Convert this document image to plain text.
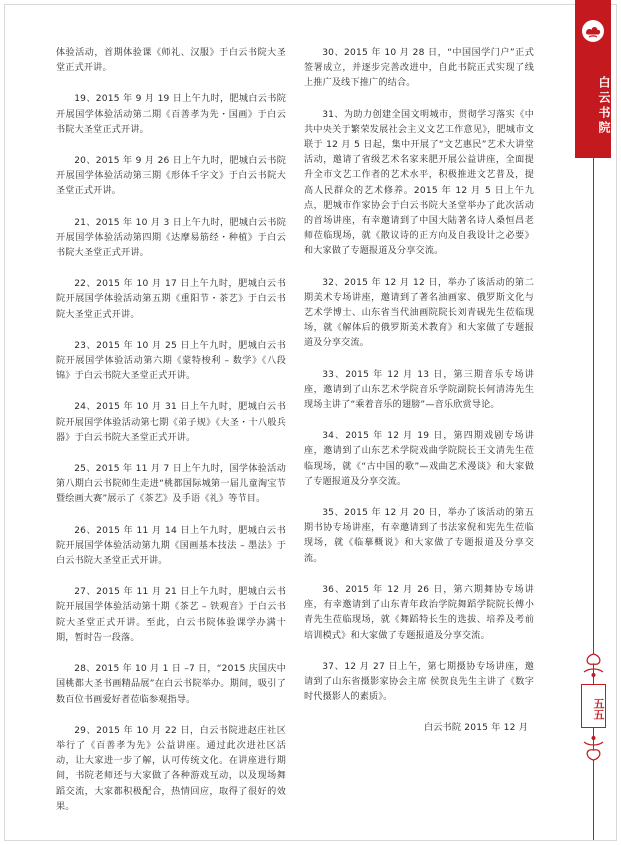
体验活动，首期体验课《师礼、汉服》于白云书院大圣堂正式开讲。

19、2015 年 9 月 19 日上午九时，肥城白云书院开展国学体验活动第二期《百善孝为先・国画》于白云书院大圣堂正式开讲。

20、2015 年 9 月 26 日上午九时，肥城白云书院开展国学体验活动第三期《形体千字文》于白云书院大圣堂正式开讲。

21、2015 年 10 月 3 日上午九时，肥城白云书院开展国学体验活动第四期《达摩易筋经・种植》于白云书院大圣堂正式开讲。

22、2015 年 10 月 17 日上午九时，肥城白云书院开展国学体验活动第五期《重阳节・茶艺》于白云书院大圣堂正式开讲。

23、2015 年 10 月 25 日上午九时，肥城白云书院开展国学体验活动第六期《蒙特梭利 – 数学》《八段锦》于白云书院大圣堂正式开讲。

24、2015 年 10 月 31 日上午九时，肥城白云书院开展国学体验活动第七期《弟子规》《大圣・十八般兵器》于白云书院大圣堂正式开讲。

25、2015 年 11 月 7 日上午九时，国学体验活动第八期白云书院师生走进“桃都国际城第一届儿童淘宝节暨绘画大赛”展示了《茶艺》及手语《礼》等节目。

26、2015 年 11 月 14 日上午九时，肥城白云书院开展国学体验活动第九期《国画基本技法 – 墨法》于白云书院大圣堂正式开讲。

27、2015 年 11 月 21 日上午九时，肥城白云书院开展国学体验活动第十期《茶艺 – 铁观音》于白云书院大圣堂正式开讲。至此，白云书院体验课学办满十期，暂时告一段落。

28、2015 年 10 月 1 日 –7 日，“2015 庆国庆中国桃都大圣书画精品展”在白云书院举办。期间，吸引了数百位书画爱好者莅临参观指导。

29、2015 年 10 月 22 日，白云书院进赵庄社区举行了《百善孝为先》公益讲座。通过此次进社区活动，让大家进一步了解，认可传统文化。在讲座进行期间，书院老师还与大家做了各种游戏互动，以及现场舞蹈交流，大家都积极配合，热情回应，取得了很好的效果。

30、2015 年 10 月 28 日，“中国国学门户”正式签署成立，并逐步完善改进中，自此书院正式实现了线上推广及线下推广的结合。

31、为助力创建全国文明城市，贯彻学习落实《中共中央关于繁荣发展社会主义文艺工作意见》，肥城市文联于 12 月 5 日起，集中开展了“文艺惠民”艺术大讲堂活动，邀请了省级艺术名家来肥开展公益讲座，全面提升全市文艺工作者的艺术水平，积极推进文艺普及，提高人民群众的艺术修养。2015 年 12 月 5 日上午九点，肥城市作家协会于白云书院大圣堂举办了此次活动的首场讲座，有幸邀请到了中国大陆著名诗人桑恒昌老师莅临现场，就《散议诗的正方向及自我设计之必要》和大家做了专题报道及分享交流。

32、2015 年 12 月 12 日，举办了该活动的第二期美术专场讲座，邀请到了著名油画家、俄罗斯文化与艺术学博士、山东省当代油画院院长刘青砚先生莅临现场，就《解体后的俄罗斯美术教育》和大家做了专题报道及分享交流。

33、2015 年 12 月 13 日，第三期音乐专场讲座，邀请到了山东艺术学院音乐学院副院长何清涛先生现场主讲了“乘着音乐的翅膀”—音乐欣赏导论。

34、2015 年 12 月 19 日，第四期戏剧专场讲座，邀请到了山东艺术学院戏曲学院院长王文清先生莅临现场，就《“古中国的歌”—戏曲艺术漫谈》和大家做了专题报道及分享交流。

35、2015 年 12 月 20 日，举办了该活动的第五期书协专场讲座，有幸邀请到了书法家倪和宪先生莅临现场，就《临摹概说》和大家做了专题报道及分享交流。

36、2015 年 12 月 26 日，第六期舞协专场讲座，有幸邀请到了山东青年政治学院舞蹈学院院长傅小青先生莅临现场，就《舞蹈特长生的选拔、培养及考前培训模式》和大家做了专题报道及分享交流。

37、12 月 27 日上午，第七期摄协专场讲座，邀请到了山东省摄影家协会主席 侯贺良先生主讲了《数字时代摄影人的素质》。

白云书院 2015 年 12 月
白云书院
五五
